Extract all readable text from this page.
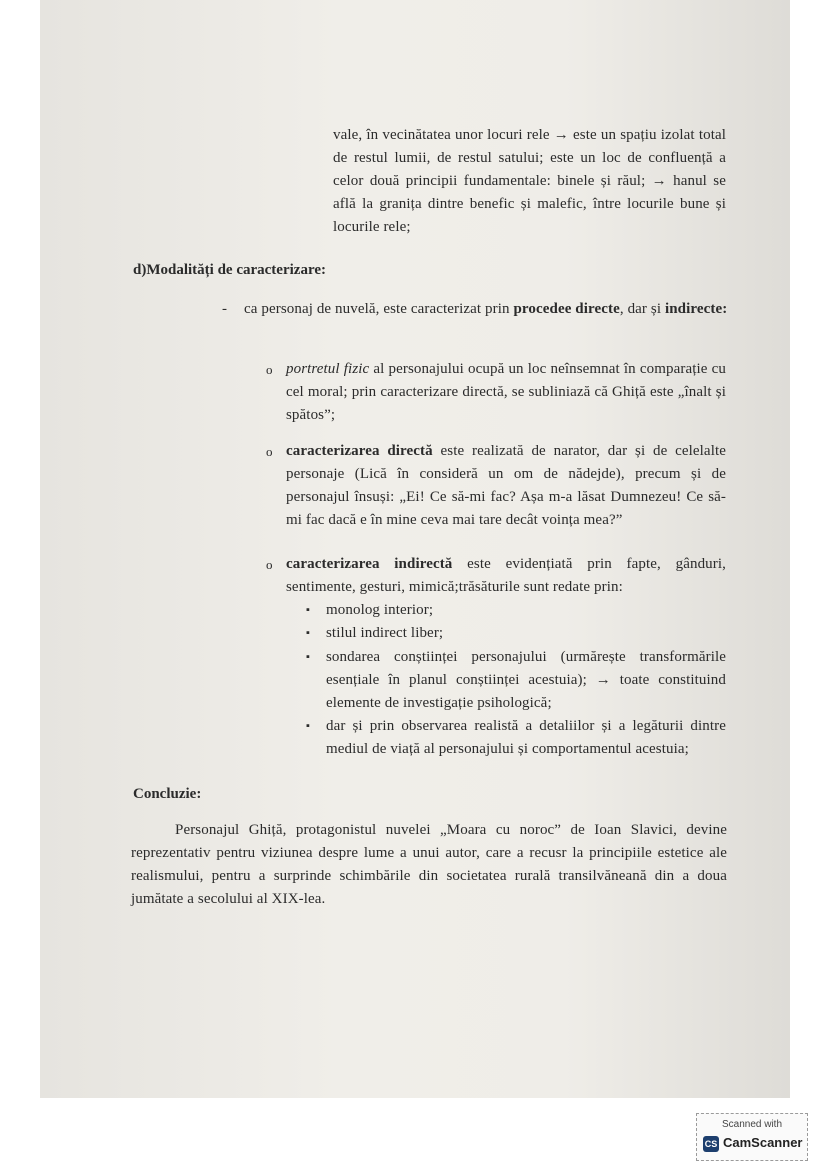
vale, în vecinătatea unor locuri rele → este un spațiu izolat total de restul lumii, de restul satului; este un loc de confluență a celor două principii fundamentale: binele și răul; → hanul se află la granița dintre benefic și malefic, între locurile bune și locurile rele;
d)Modalități de caracterizare:
- ca personaj de nuvelă, este caracterizat prin procedee directe, dar și indirecte:
o portretul fizic al personajului ocupă un loc neînsemnat în comparație cu cel moral; prin caracterizare directă, se subliniază că Ghiță este „înalt și spătos”;
o caracterizarea directă este realizată de narator, dar și de celelalte personaje (Lică în consideră un om de nădejde), precum și de personajul însuși: „Ei! Ce să-mi fac? Așa m-a lăsat Dumnezeu! Ce să-mi fac dacă e în mine ceva mai tare decât voința mea?”
o caracterizarea indirectă este evidențiată prin fapte, gânduri, sentimente, gesturi, mimică;trăsăturile sunt redate prin:
▪ monolog interior;
▪ stilul indirect liber;
▪ sondarea conștiinței personajului (urmărește transformările esențiale în planul conștiinței acestuia); → toate constituind elemente de investigație psihologică;
▪ dar și prin observarea realistă a detaliilor și a legăturii dintre mediul de viață al personajului și comportamentul acestuia;
Concluzie:
Personajul Ghiță, protagonistul nuvelei „Moara cu noroc” de Ioan Slavici, devine reprezentativ pentru viziunea despre lume a unui autor, care a recusr la principiile estetice ale realismului, pentru a surprinde schimbările din societatea rurală transilvăneană din a doua jumătate a secolului al XIX-lea.
Scanned with
CS CamScanner
